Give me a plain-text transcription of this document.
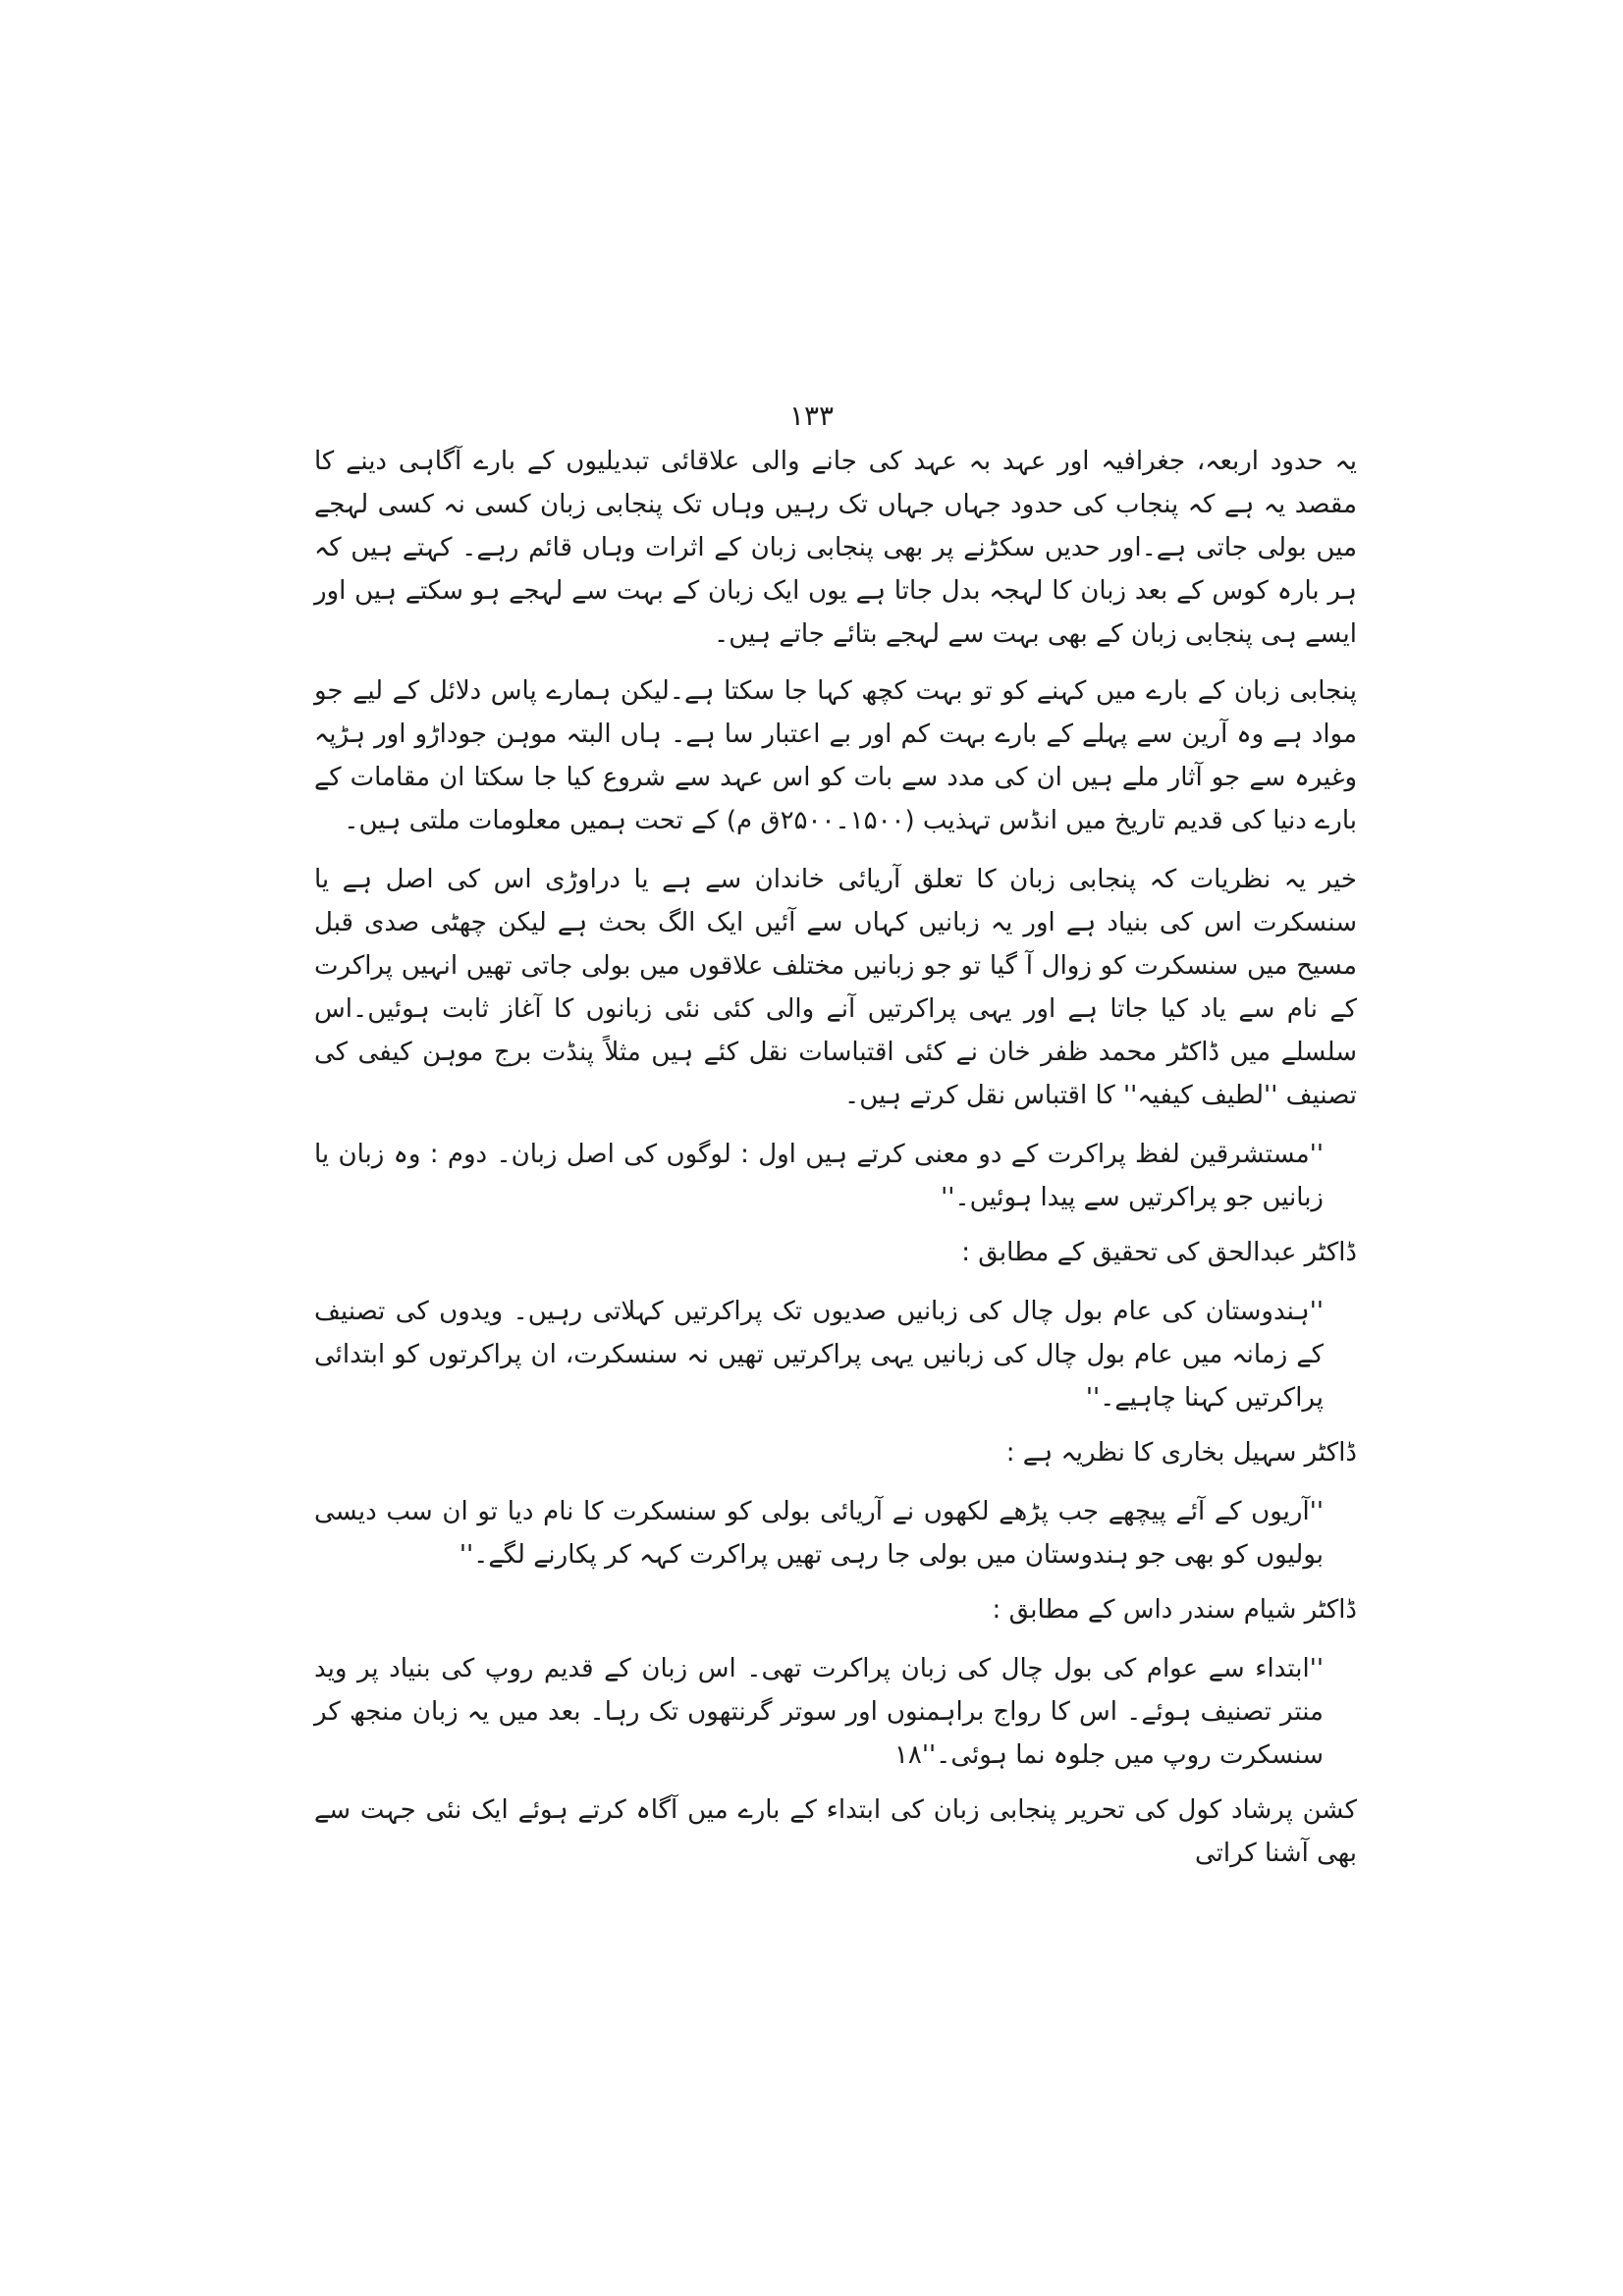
۱۳۳

یہ حدود اربعہ، جغرافیہ اور عہد بہ عہد کی جانے والی علاقائی تبدیلیوں کے بارے آگاہی دینے کا مقصد یہ ہے کہ پنجاب کی حدود جہاں جہاں تک رہیں وہاں تک پنجابی زبان کسی نہ کسی لہجے میں بولی جاتی ہے۔اور حدیں سکڑنے پر بھی پنجابی زبان کے اثرات وہاں قائم رہے۔ کہتے ہیں کہ ہر بارہ کوس کے بعد زبان کا لہجہ بدل جاتا ہے یوں ایک زبان کے بہت سے لہجے ہو سکتے ہیں اور ایسے ہی پنجابی زبان کے بھی بہت سے لہجے بتائے جاتے ہیں۔

پنجابی زبان کے بارے میں کہنے کو تو بہت کچھ کہا جا سکتا ہے۔لیکن ہمارے پاس دلائل کے لیے جو مواد ہے وہ آرین سے پہلے کے بارے بہت کم اور بے اعتبار سا ہے۔ ہاں البتہ موہن جوداڑو اور ہڑپہ وغیرہ سے جو آثار ملے ہیں ان کی مدد سے بات کو اس عہد سے شروع کیا جا سکتا ان مقامات کے بارے دنیا کی قدیم تاریخ میں انڈس تہذیب (۱۵۰۰۔۲۵۰۰ق م) کے تحت ہمیں معلومات ملتی ہیں۔

خیر یہ نظریات کہ پنجابی زبان کا تعلق آریائی خاندان سے ہے یا دراوڑی اس کی اصل ہے یا سنسکرت اس کی بنیاد ہے اور یہ زبانیں کہاں سے آئیں ایک الگ بحث ہے لیکن چھٹی صدی قبل مسیح میں سنسکرت کو زوال آ گیا تو جو زبانیں مختلف علاقوں میں بولی جاتی تھیں انہیں پراکرت کے نام سے یاد کیا جاتا ہے اور یہی پراکرتیں آنے والی کئی نئی زبانوں کا آغاز ثابت ہوئیں۔اس سلسلے میں ڈاکٹر محمد ظفر خان نے کئی اقتباسات نقل کئے ہیں مثلاً پنڈت برج موہن کیفی کی تصنیف ''لطیف کیفیہ'' کا اقتباس نقل کرتے ہیں۔

''مستشرقین لفظ پراکرت کے دو معنی کرتے ہیں اول : لوگوں کی اصل زبان۔ دوم : وہ زبان یا زبانیں جو پراکرتیں سے پیدا ہوئیں۔''

ڈاکٹر عبدالحق کی تحقیق کے مطابق :

''ہندوستان کی عام بول چال کی زبانیں صدیوں تک پراکرتیں کہلاتی رہیں۔ ویدوں کی تصنیف کے زمانہ میں عام بول چال کی زبانیں یہی پراکرتیں تھیں نہ سنسکرت، ان پراکرتوں کو ابتدائی پراکرتیں کہنا چاہیے۔''

ڈاکٹر سہیل بخاری کا نظریہ ہے :

''آریوں کے آئے پیچھے جب پڑھے لکھوں نے آریائی بولی کو سنسکرت کا نام دیا تو ان سب دیسی بولیوں کو بھی جو ہندوستان میں بولی جا رہی تھیں پراکرت کہہ کر پکارنے لگے۔''

ڈاکٹر شیام سندر داس کے مطابق :

''ابتداء سے عوام کی بول چال کی زبان پراکرت تھی۔ اس زبان کے قدیم روپ کی بنیاد پر وید منتر تصنیف ہوئے۔ اس کا رواج براہمنوں اور سوتر گرنتھوں تک رہا۔ بعد میں یہ زبان منجھ کر سنسکرت روپ میں جلوہ نما ہوئی۔''۱۸

کشن پرشاد کول کی تحریر پنجابی زبان کی ابتداء کے بارے میں آگاہ کرتے ہوئے ایک نئی جہت سے بھی آشنا کراتی
